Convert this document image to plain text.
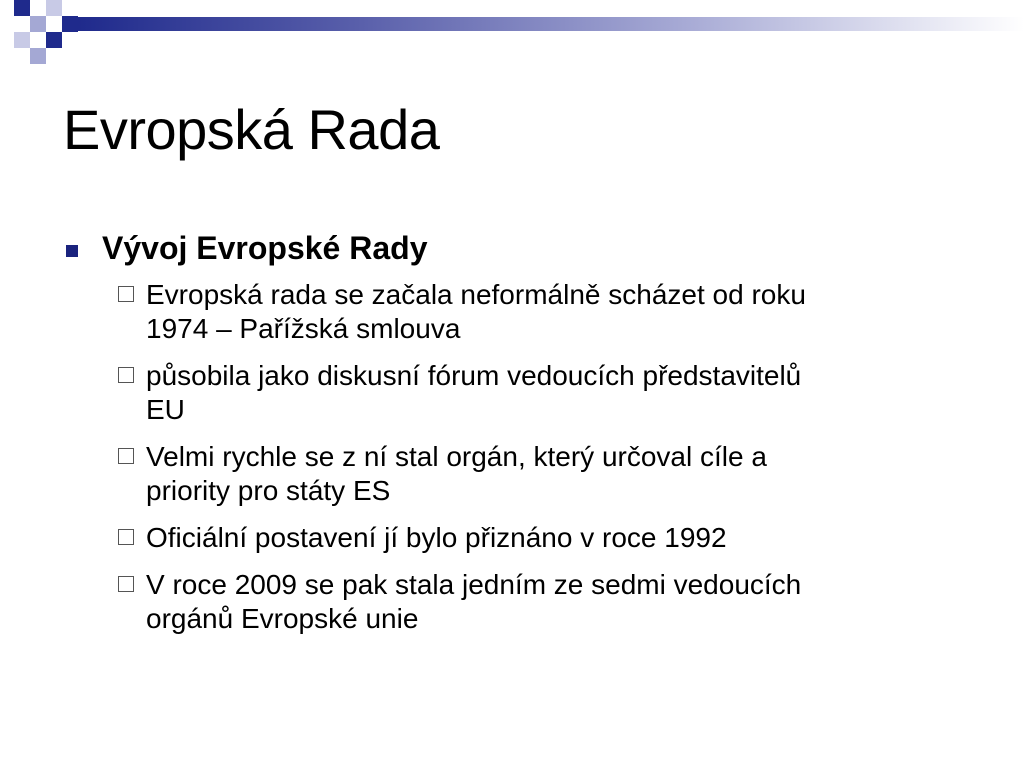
Evropská Rada
Vývoj Evropské Rady
Evropská rada se začala neformálně scházet od roku
1974 – Pařížská smlouva
působila jako diskusní fórum vedoucích představitelů
EU
Velmi rychle se z ní stal orgán, který určoval cíle a
priority pro státy ES
Oficiální postavení jí bylo přiznáno v roce 1992
V roce 2009 se pak stala jedním ze sedmi vedoucích
orgánů Evropské unie
